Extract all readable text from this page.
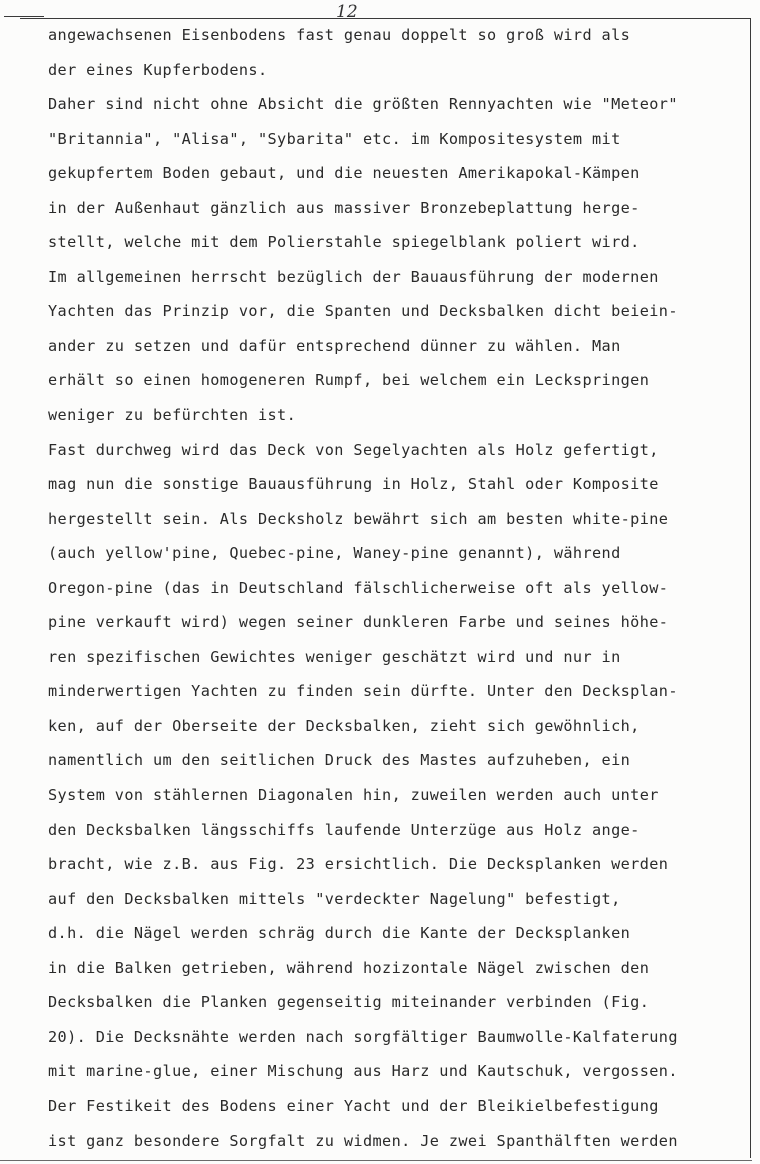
12
angewachsenen Eisenbodens fast genau doppelt so groß wird als
der eines Kupferbodens.
Daher sind nicht ohne Absicht die größten Rennyachten wie "Meteor"
"Britannia", "Alisa", "Sybarita" etc. im Kompositesystem mit
gekupfertem Boden gebaut, und die neuesten Amerikapokal-Kämpen
in der Außenhaut gänzlich aus massiver Bronzebeplattung herge-
stellt, welche mit dem Polierstahle spiegelblank poliert wird.
Im allgemeinen herrscht bezüglich der Bauausführung der modernen
Yachten das Prinzip vor, die Spanten und Decksbalken dicht beiein-
ander zu setzen und dafür entsprechend dünner zu wählen. Man
erhält so einen homogeneren Rumpf, bei welchem ein Leckspringen
weniger zu befürchten ist.
Fast durchweg wird das Deck von Segelyachten als Holz gefertigt,
mag nun die sonstige Bauausführung in Holz, Stahl oder Komposite
hergestellt sein. Als Decksholz bewährt sich am besten white-pine
(auch yellow'pine, Quebec-pine, Waney-pine genannt), während
Oregon-pine (das in Deutschland fälschlicherweise oft als yellow-
pine verkauft wird) wegen seiner dunkleren Farbe und seines höhe-
ren spezifischen Gewichtes weniger geschätzt wird und nur in
minderwertigen Yachten zu finden sein dürfte. Unter den Decksplan-
ken, auf der Oberseite der Decksbalken, zieht sich gewöhnlich,
namentlich um den seitlichen Druck des Mastes aufzuheben, ein
System von stählernen Diagonalen hin, zuweilen werden auch unter
den Decksbalken längsschiffs laufende Unterzüge aus Holz ange-
bracht, wie z.B. aus Fig. 23 ersichtlich. Die Decksplanken werden
auf den Decksbalken mittels "verdeckter Nagelung" befestigt,
d.h. die Nägel werden schräg durch die Kante der Decksplanken
in die Balken getrieben, während hozizontale Nägel zwischen den
Decksbalken die Planken gegenseitig miteinander verbinden (Fig.
20). Die Decksnähte werden nach sorgfältiger Baumwolle-Kalfaterung
mit marine-glue, einer Mischung aus Harz und Kautschuk, vergossen.
Der Festikeit des Bodens einer Yacht und der Bleikielbefestigung
ist ganz besondere Sorgfalt zu widmen. Je zwei Spanthälften werden
